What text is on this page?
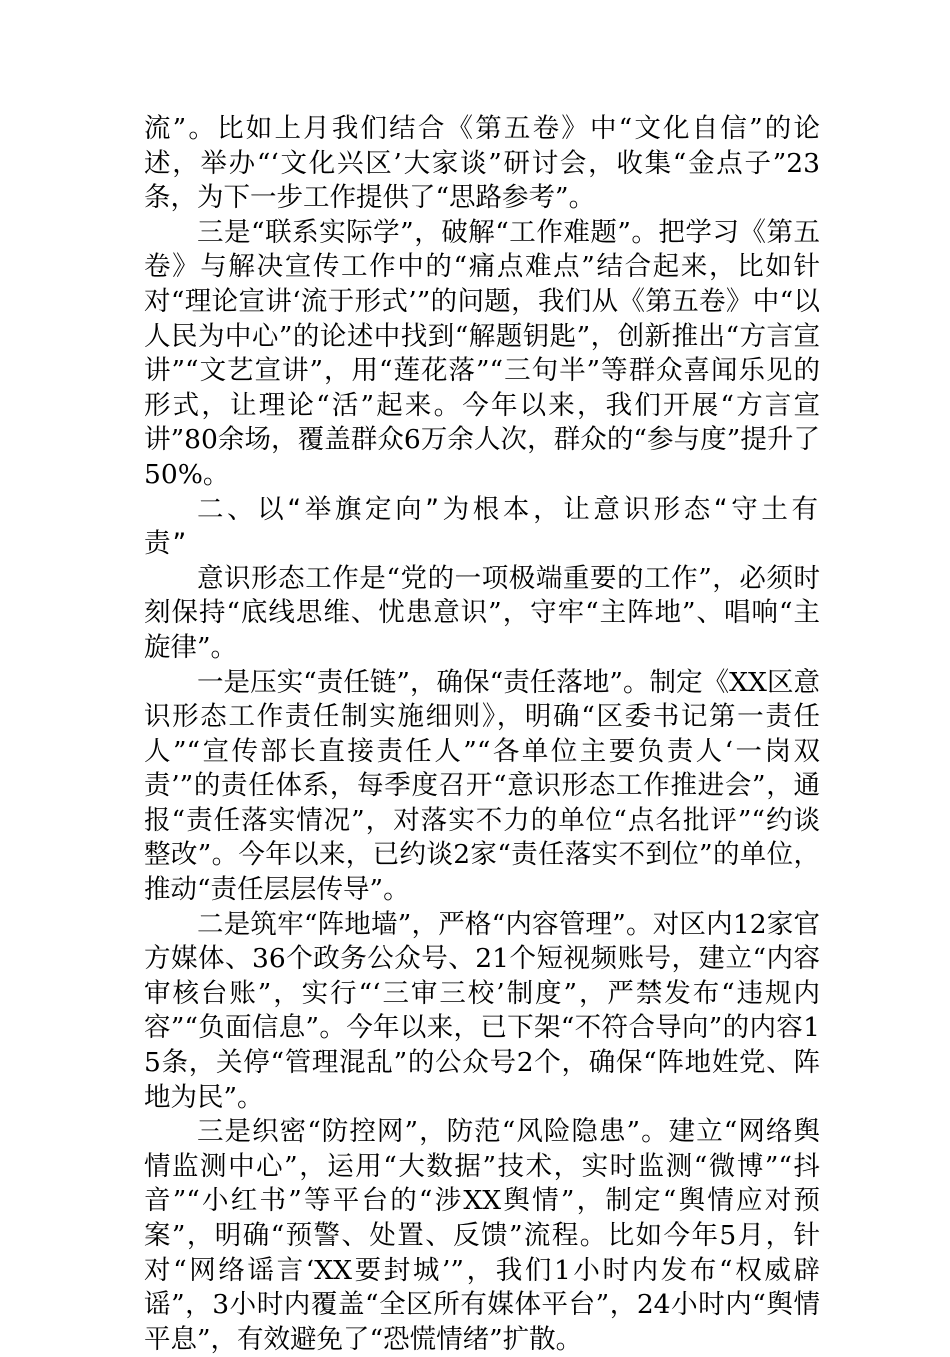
流”。比如上月我们结合《第五卷》中“文化自信”的论述，举办“‘文化兴区’大家谈”研讨会，收集“金点子”23条，为下一步工作提供了“思路参考”。

三是“联系实际学”，破解“工作难题”。把学习《第五卷》与解决宣传工作中的“痛点难点”结合起来，比如针对“理论宣讲‘流于形式’”的问题，我们从《第五卷》中“以人民为中心”的论述中找到“解题钥匙”，创新推出“方言宣讲”“文艺宣讲”，用“莲花落”“三句半”等群众喜闻乐见的形式，让理论“活”起来。今年以来，我们开展“方言宣讲”80余场，覆盖群众6万余人次，群众的“参与度”提升了50%。

二、以“举旗定向”为根本，让意识形态“守土有责”

意识形态工作是“党的一项极端重要的工作”，必须时刻保持“底线思维、忧患意识”，守牢“主阵地”、唱响“主旋律”。

一是压实“责任链”，确保“责任落地”。制定《XX区意识形态工作责任制实施细则》，明确“区委书记第一责任人”“宣传部长直接责任人”“各单位主要负责人‘一岗双责’”的责任体系，每季度召开“意识形态工作推进会”，通报“责任落实情况”，对落实不力的单位“点名批评”“约谈整改”。今年以来，已约谈2家“责任落实不到位”的单位，推动“责任层层传导”。

二是筑牢“阵地墙”，严格“内容管理”。对区内12家官方媒体、36个政务公众号、21个短视频账号，建立“内容审核台账”，实行“‘三审三校’制度”，严禁发布“违规内容”“负面信息”。今年以来，已下架“不符合导向”的内容15条，关停“管理混乱”的公众号2个，确保“阵地姓党、阵地为民”。

三是织密“防控网”，防范“风险隐患”。建立“网络舆情监测中心”，运用“大数据”技术，实时监测“微博”“抖音”“小红书”等平台的“涉XX舆情”，制定“舆情应对预案”，明确“预警、处置、反馈”流程。比如今年5月，针对“网络谣言‘XX要封城’”，我们1小时内发布“权威辟谣”，3小时内覆盖“全区所有媒体平台”，24小时内“舆情平息”，有效避免了“恐慌情绪”扩散。
